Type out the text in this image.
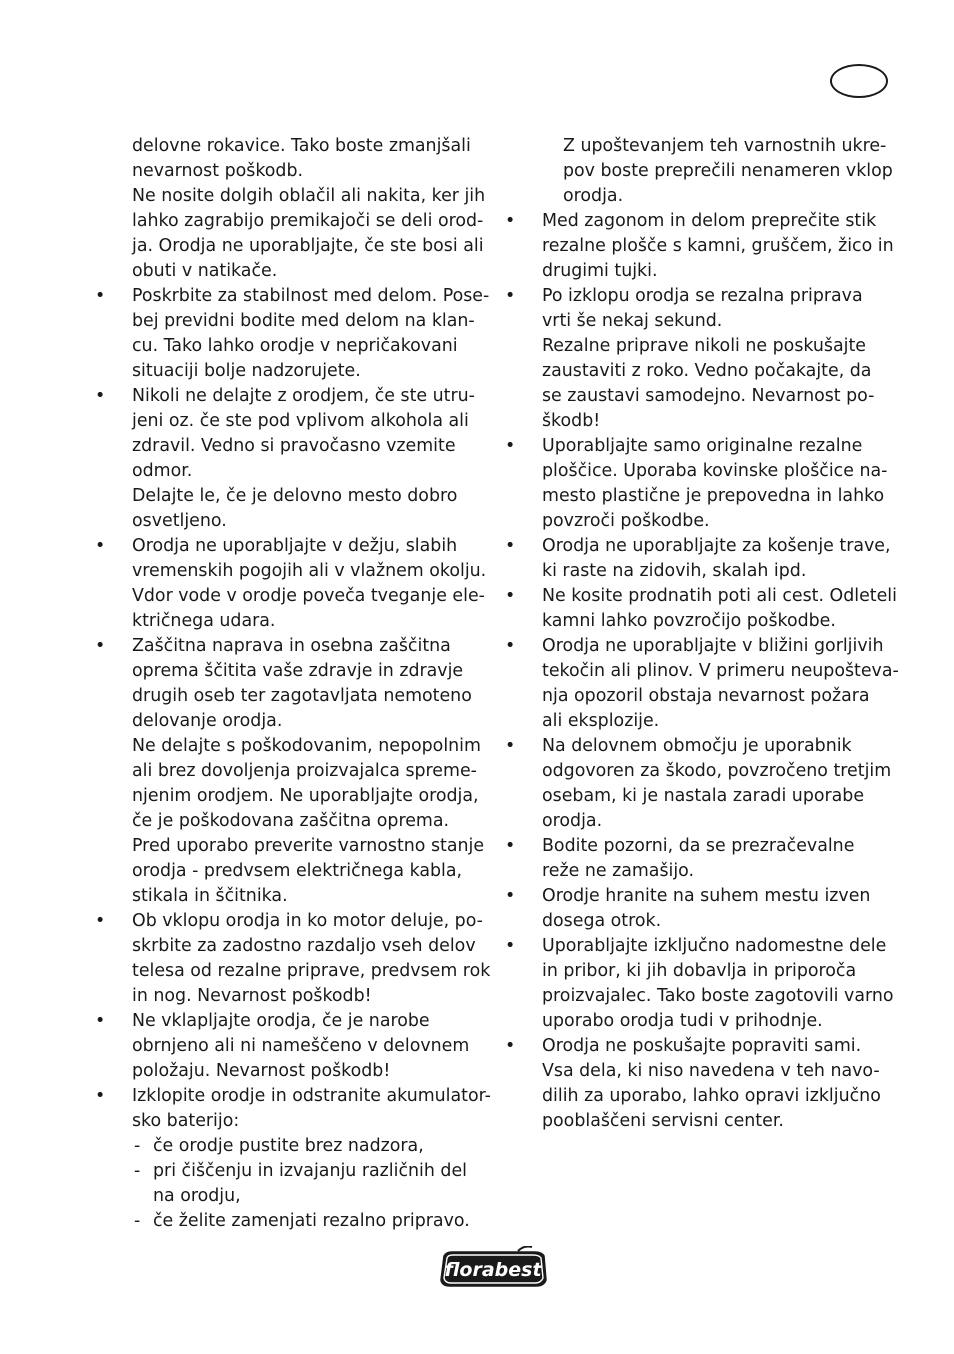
delovne rokavice. Tako boste zmanjšali
nevarnost poškodb.
Ne nosite dolgih oblačil ali nakita, ker jih
lahko zagrabijo premikajoči se deli orod-
ja. Orodja ne uporabljajte, če ste bosi ali
obuti v natikače.
• Poskrbite za stabilnost med delom. Pose-
bej previdni bodite med delom na klan-
cu. Tako lahko orodje v nepričakovani
situaciji bolje nadzorujete.
• Nikoli ne delajte z orodjem, če ste utru-
jeni oz. če ste pod vplivom alkohola ali
zdravil. Vedno si pravočasno vzemite
odmor.
Delajte le, če je delovno mesto dobro
osvetljeno.
• Orodja ne uporabljajte v dežju, slabih
vremenskih pogojih ali v vlažnem okolju.
Vdor vode v orodje poveča tveganje ele-
ktričnega udara.
• Zaščitna naprava in osebna zaščitna
oprema ščitita vaše zdravje in zdravje
drugih oseb ter zagotavljata nemoteno
delovanje orodja.
Ne delajte s poškodovanim, nepopolnim
ali brez dovoljenja proizvajalca spreme-
njenim orodjem. Ne uporabljajte orodja,
če je poškodovana zaščitna oprema.
Pred uporabo preverite varnostno stanje
orodja - predvsem električnega kabla,
stikala in ščitnika.
• Ob vklopu orodja in ko motor deluje, po-
skrbite za zadostno razdaljo vseh delov
telesa od rezalne priprave, predvsem rok
in nog. Nevarnost poškodb!
• Ne vklapljajte orodja, če je narobe
obrnjeno ali ni nameščeno v delovnem
položaju. Nevarnost poškodb!
• Izklopite orodje in odstranite akumulator-
sko baterijo:
- če orodje pustite brez nadzora,
- pri čiščenju in izvajanju različnih del
na orodju,
- če želite zamenjati rezalno pripravo.
Z upoštevanjem teh varnostnih ukre-
pov boste preprečili nenameren vklop
orodja.
• Med zagonom in delom preprečite stik
rezalne plošče s kamni, gruščem, žico in
drugimi tujki.
• Po izklopu orodja se rezalna priprava
vrti še nekaj sekund.
Rezalne priprave nikoli ne poskušajte
zaustaviti z roko. Vedno počakajte, da
se zaustavi samodejno. Nevarnost po-
škodb!
• Uporabljajte samo originalne rezalne
ploščice. Uporaba kovinske ploščice na-
mesto plastične je prepovedna in lahko
povzroči poškodbe.
• Orodja ne uporabljajte za košenje trave,
ki raste na zidovih, skalah ipd.
• Ne kosite prodnatih poti ali cest. Odleteli
kamni lahko povzročijo poškodbe.
• Orodja ne uporabljajte v bližini gorljivih
tekočin ali plinov. V primeru neupošteva-
nja opozoril obstaja nevarnost požara
ali eksplozije.
• Na delovnem območju je uporabnik
odgovoren za škodo, povzročeno tretjim
osebam, ki je nastala zaradi uporabe
orodja.
• Bodite pozorni, da se prezračevalne
reže ne zamašijo.
• Orodje hranite na suhem mestu izven
dosega otrok.
• Uporabljajte izključno nadomestne dele
in pribor, ki jih dobavlja in priporoča
proizvajalec. Tako boste zagotovili varno
uporabo orodja tudi v prihodnje.
• Orodja ne poskušajte popraviti sami.
Vsa dela, ki niso navedena v teh navo-
dilih za uporabo, lahko opravi izključno
pooblaščeni servisni center.
florabest
